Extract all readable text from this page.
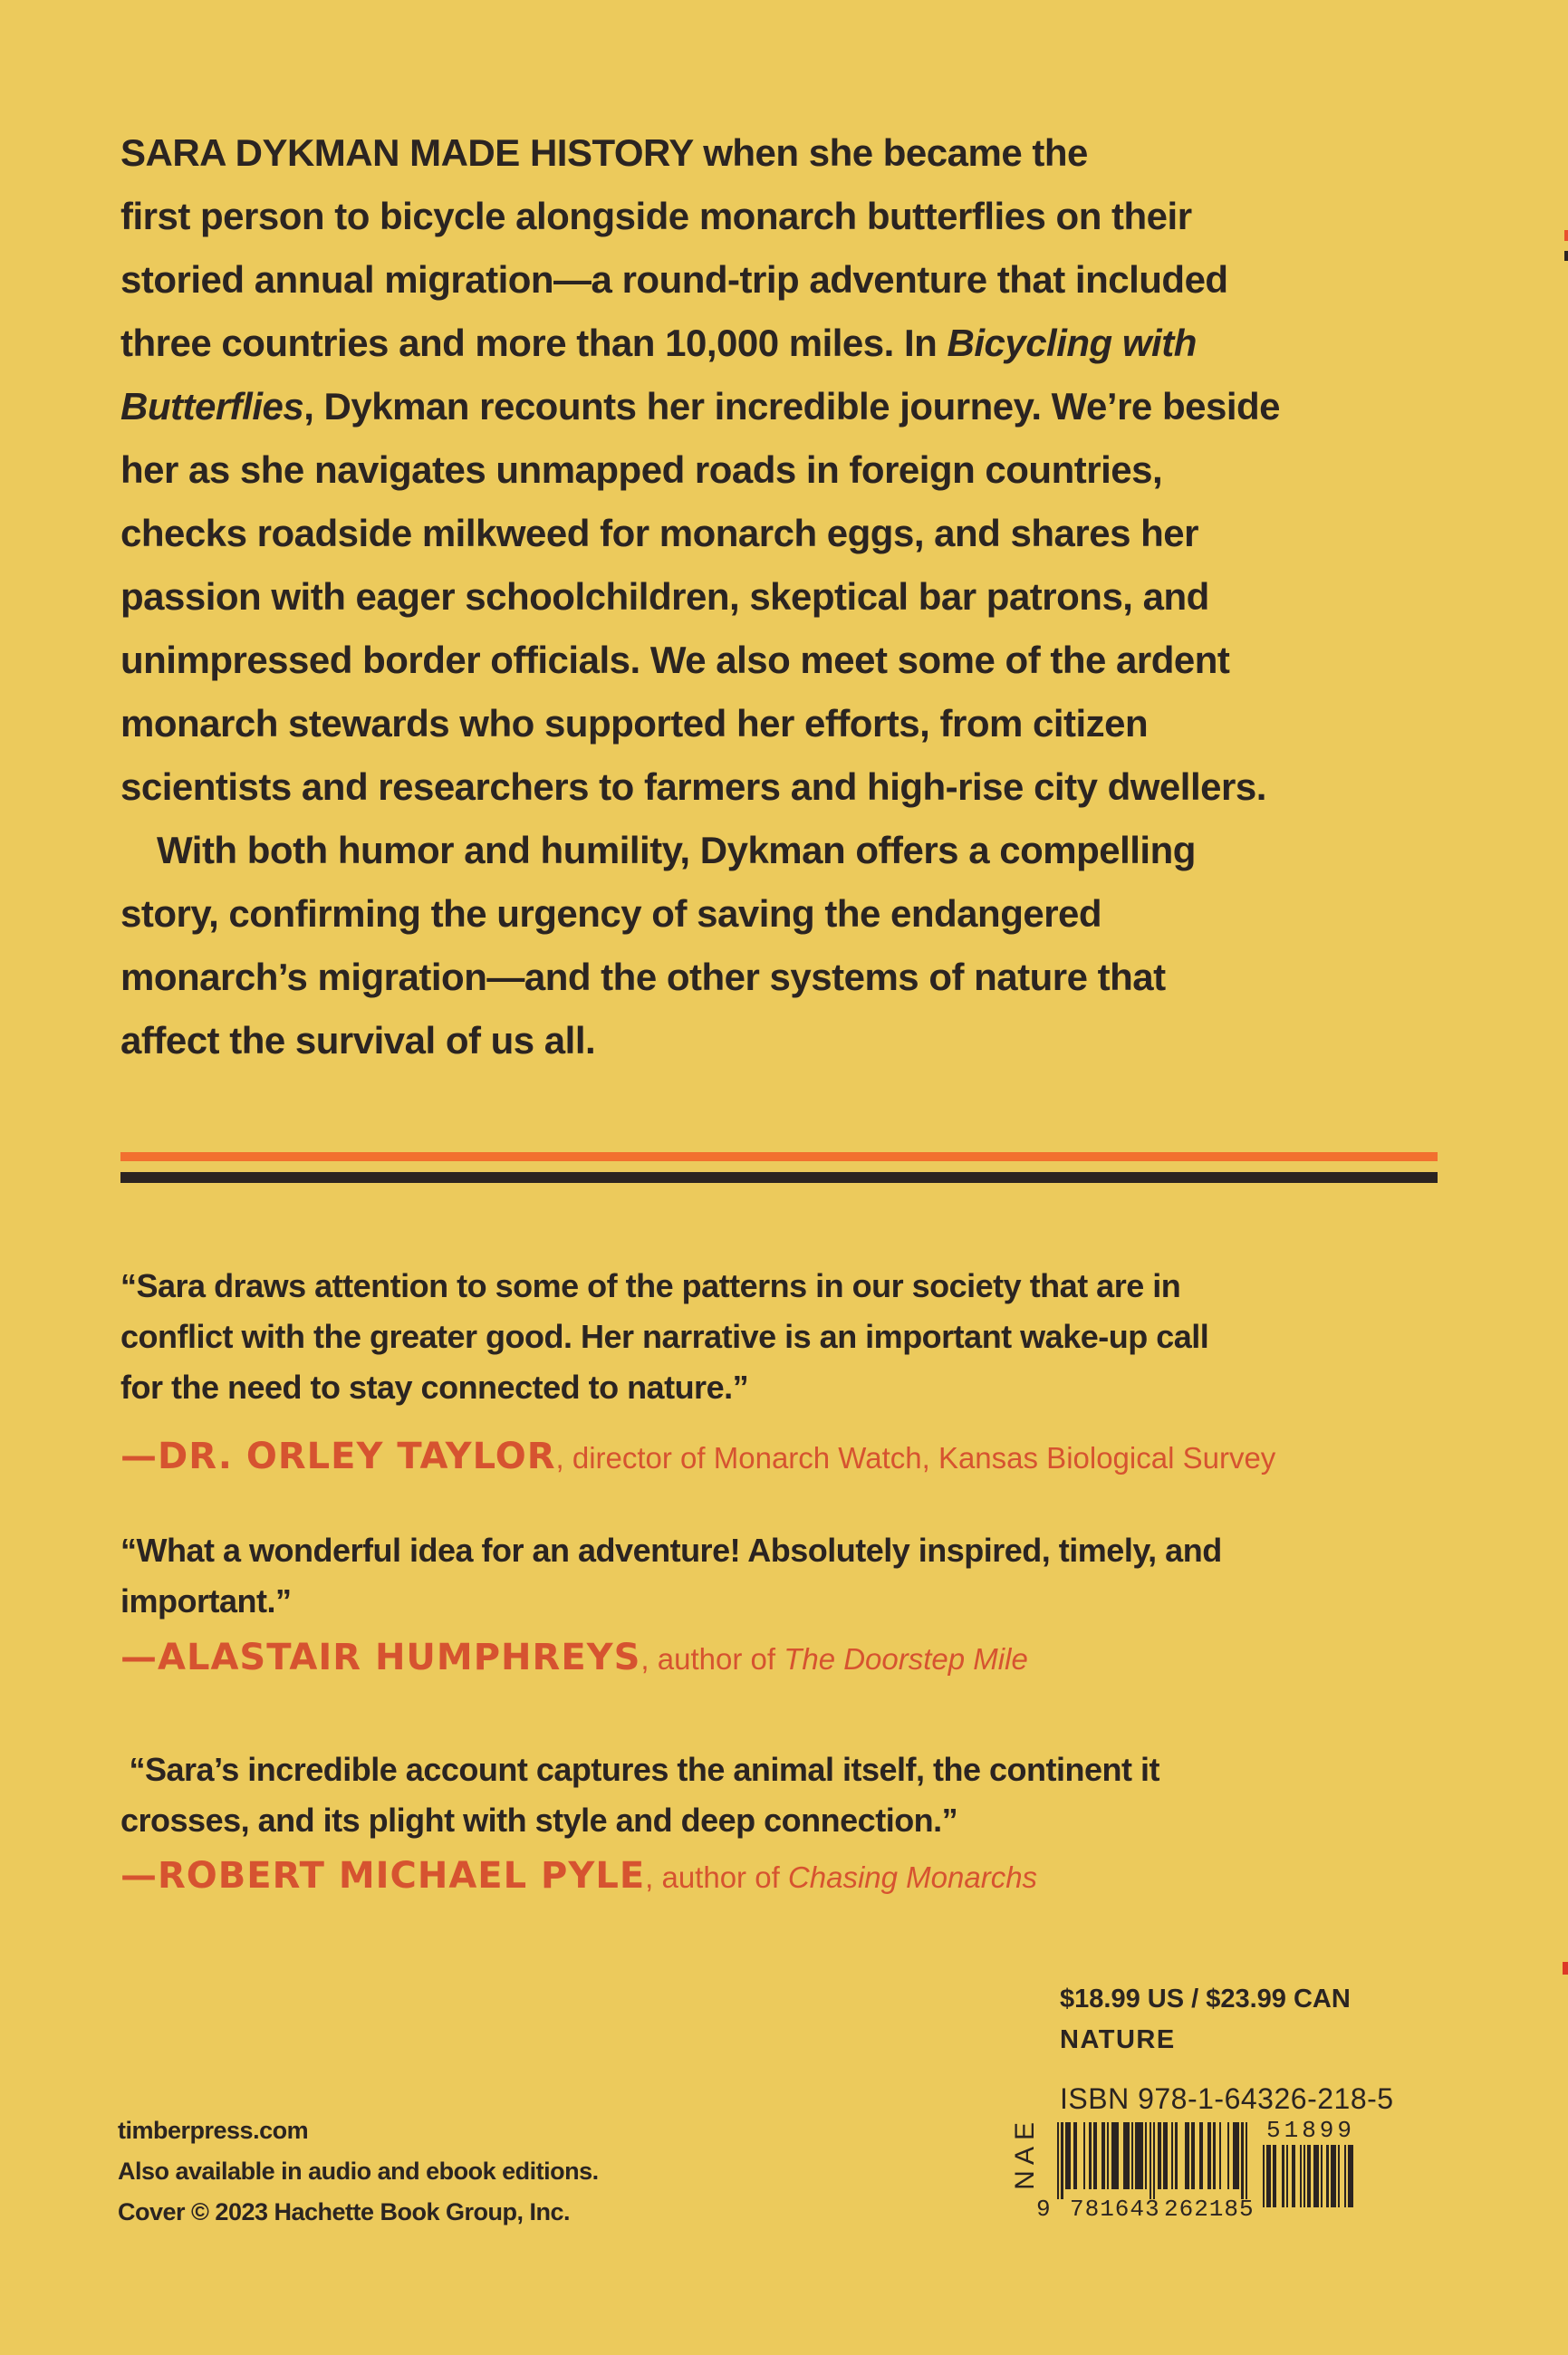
SARA DYKMAN MADE HISTORY when she became the
first person to bicycle alongside monarch butterflies on their
storied annual migration—a round-trip adventure that included
three countries and more than 10,000 miles. In Bicycling with
Butterflies, Dykman recounts her incredible journey. We’re beside
her as she navigates unmapped roads in foreign countries,
checks roadside milkweed for monarch eggs, and shares her
passion with eager schoolchildren, skeptical bar patrons, and
unimpressed border officials. We also meet some of the ardent
monarch stewards who supported her efforts, from citizen
scientists and researchers to farmers and high-rise city dwellers.
With both humor and humility, Dykman offers a compelling
story, confirming the urgency of saving the endangered
monarch’s migration—and the other systems of nature that
affect the survival of us all.
“Sara draws attention to some of the patterns in our society that are in
conflict with the greater good. Her narrative is an important wake-up call
for the need to stay connected to nature.”
—DR. ORLEY TAYLOR, director of Monarch Watch, Kansas Biological Survey
“What a wonderful idea for an adventure! Absolutely inspired, timely, and
important.”
—ALASTAIR HUMPHREYS, author of The Doorstep Mile
“Sara’s incredible account captures the animal itself, the continent it
crosses, and its plight with style and deep connection.”
—ROBERT MICHAEL PYLE, author of Chasing Monarchs
$18.99 US / $23.99 CAN
NATURE
ISBN 978-1-64326-218-5
E
A
N
9 781643 262185
51899
timberpress.com
Also available in audio and ebook editions.
Cover © 2023 Hachette Book Group, Inc.
